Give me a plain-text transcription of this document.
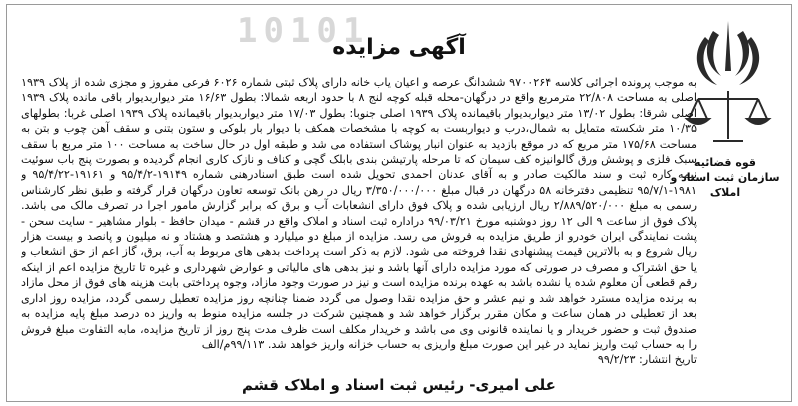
10101
آگهی مزایده
قوه قضائیه
سازمان ثبت اسناد و املاک

به موجب پرونده اجرائی کلاسه ۹۷۰۰۲۶۴ ششدانگ عرصه و اعیان یاب خانه دارای پلاک ثبتی شماره ۶۰۲۶ فرعی مفروز و مجزی شده از پلاک ۱۹۳۹ اصلی به مساحت ۲۲/۸۰۸ مترمربع واقع در درگهان-محله قبله کوچه لنج ۸ با حدود اربعه شمالا: بطول ۱۶/۶۳ متر دیواربدیوار باقی مانده پلاک ۱۹۳۹ اصلی شرقا: بطول ۱۳/۰۲ متر دیواربدیوار باقیمانده پلاک ۱۹۳۹ اصلی جنوبا: بطول ۱۷/۰۳ متر دیواربدیوار باقیمانده پلاک ۱۹۳۹ اصلی غربا: بطولهای ۱۰/۳۵ متر شکسته متمایل به شمال،درب و دیواربست به کوچه با مشخصات همکف با دیوار بار بلوکی و ستون بتنی و سقف آهن چوب و بتن به مساحت ۱۷۵/۶۸ متر مربع که در موقع بازدید به عنوان انبار پوشاک استفاده می شد و طبقه اول در حال ساخت به مساحت ۱۰۰ متر مربع با سقف سبک فلزی و پوشش ورق گالوانیزه کف سیمان که تا مرحله پارتیشن بندی بابلک گچی و کناف و نازک کاری انجام گردیده و بصورت پنج باب سوئیت نیمه کاره ثبت و سند مالکیت صادر و به آقای عدنان احمدی تحویل شده است طبق اسنادرهنی شماره ۱۹۱۴۹-۹۵/۴/۲ و ۱۹۱۶۱-۹۵/۴/۲۲ و ۱۹۸۱-۹۵/۷/۱ تنظیمی دفترخانه ۵۸ درگهان در قبال مبلغ ۳/۳۵۰/۰۰۰/۰۰۰ ریال در رهن بانک توسعه تعاون درگهان قرار گرفته و طبق نظر کارشناس رسمی به مبلغ ۲/۸۸۹/۵۲۰/۰۰۰ ریال ارزیابی شده و پلاک فوق دارای انشعابات آب و برق که برابر گزارش مامور اجرا در تصرف مالک می باشد. پلاک فوق از ساعت ۹ الی ۱۲ روز دوشنبه مورخ ۹۹/۰۳/۲۱ دراداره ثبت اسناد و املاک واقع در قشم - میدان حافظ - بلوار مشاهیر - سایت سحن - پشت نمایندگی ایران خودرو از طریق مزایده به فروش می رسد. مزایده از مبلغ دو میلیارد و هشتصد و هشتاد و نه میلیون و پانصد و بیست هزار ریال شروع و به بالاترین قیمت پیشنهادی نقدا فروخته می شود. لازم به ذکر است پرداخت بدهی های مربوط به آب، برق، گاز اعم از حق انشعاب و یا حق اشتراک و مصرف در صورتی که مورد مزایده دارای آنها باشد و نیز بدهی های مالیاتی و عوارض شهرداری و غیره تا تاریخ مزایده اعم از اینکه رقم قطعی آن معلوم شده یا نشده باشد به عهده برنده مزایده است و نیز در صورت وجود مازاد، وجوه پرداختی بابت هزینه های فوق از محل مازاد به برنده مزایده مسترد خواهد شد و نیم عشر و حق مزایده نقدا وصول می گردد ضمنا چنانچه روز مزایده تعطیل رسمی گردد، مزایده روز اداری بعد از تعطیلی در همان ساعت و مکان مقرر برگزار خواهد شد و همچنین شرکت در جلسه مزایده منوط به واریز ده درصد مبلغ پایه مزایده به صندوق ثبت و حضور خریدار و یا نماینده قانونی وی می باشد و خریدار مکلف است ظرف مدت پنج روز از تاریخ مزایده، مابه التفاوت مبلغ فروش را به حساب ثبت واریز نماید در غیر این صورت مبلغ واریزی به حساب خزانه واریز خواهد شد. ۹۹/۱۱۳م/الف

تاریخ انتشار: ۹۹/۲/۲۳

علی امیری- رئیس ثبت اسناد و املاک قشم
